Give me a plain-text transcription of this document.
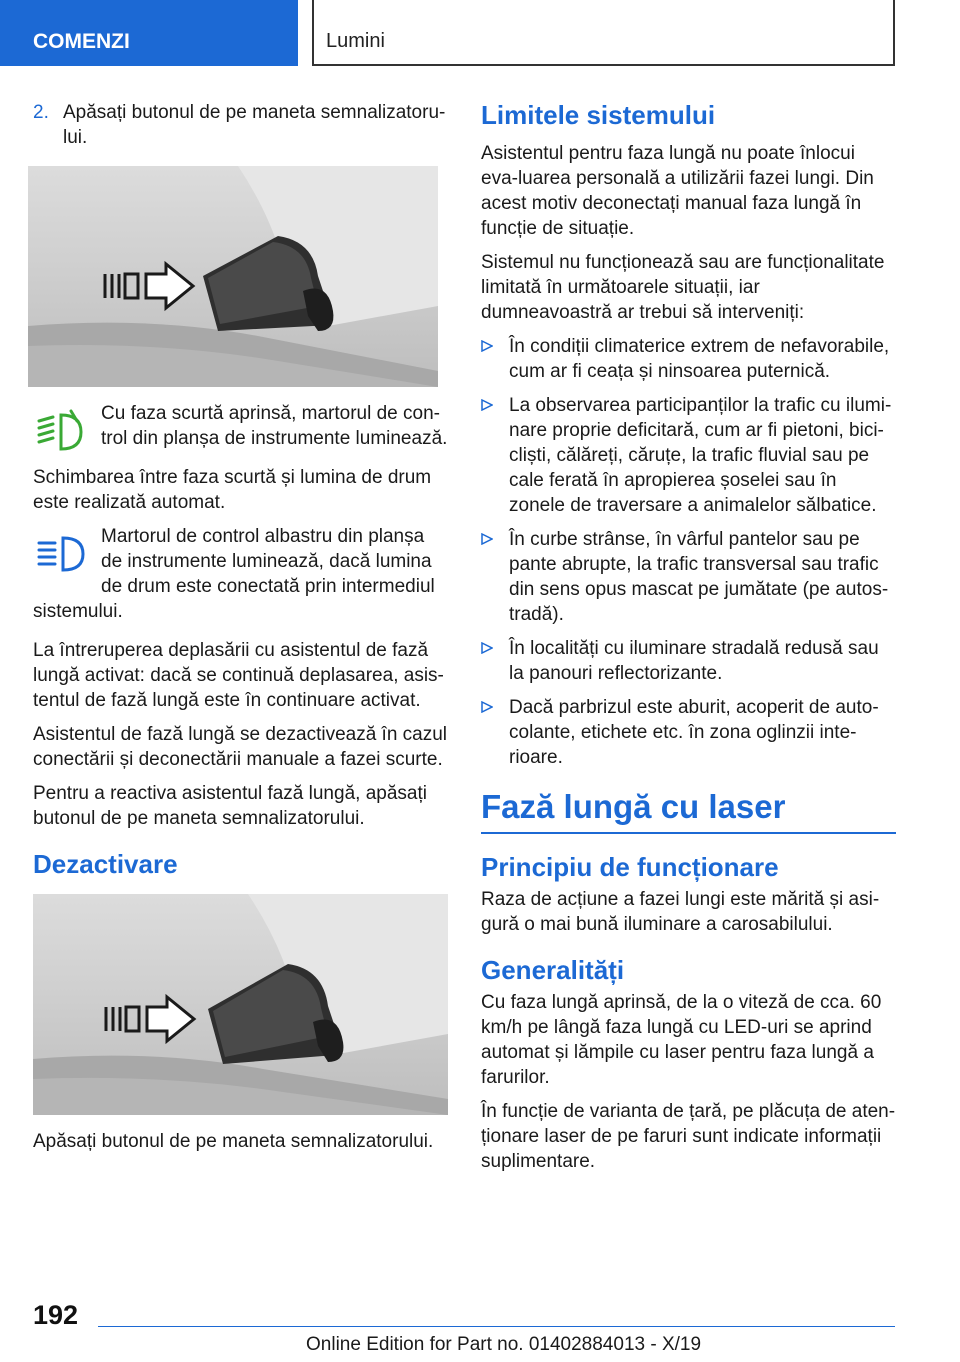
COMENZI	Lumini
2. Apăsați butonul de pe maneta semnalizatoru-lui.
Cu faza scurtă aprinsă, martorul de con-trol din planșa de instrumente luminează.

Schimbarea între faza scurtă și lumina de drum este realizată automat.

Martorul de control albastru din planșa de instrumente luminează, dacă lumina de drum este conectată prin intermediul sistemului.

La întreruperea deplasării cu asistentul de fază lungă activat: dacă se continuă deplasarea, asis-tentul de fază lungă este în continuare activat.

Asistentul de fază lungă se dezactivează în cazul conectării și deconectării manuale a fazei scurte.

Pentru a reactiva asistentul fază lungă, apăsați butonul de pe maneta semnalizatorului.

Dezactivare

Apăsați butonul de pe maneta semnalizatorului.

Limitele sistemului

Asistentul pentru faza lungă nu poate înlocui eva-luarea personală a utilizării fazei lungi. Din acest motiv deconectați manual faza lungă în funcție de situație.

Sistemul nu funcționează sau are funcționalitate limitată în următoarele situații, iar dumneavoastră ar trebui să interveniți:

În condiții climaterice extrem de nefavorabile, cum ar fi ceața și ninsoarea puternică.
La observarea participanților la trafic cu ilumi-nare proprie deficitară, cum ar fi pietoni, bici-cliști, călăreți, căruțe, la trafic fluvial sau pe cale ferată în apropierea șoselei sau în zonele de traversare a animalelor sălbatice.
În curbe strânse, în vârful pantelor sau pe pante abrupte, la trafic transversal sau trafic din sens opus mascat pe jumătate (pe autos-tradă).
În localități cu iluminare stradală redusă sau la panouri reflectorizante.
Dacă parbrizul este aburit, acoperit de auto-colante, etichete etc. în zona oglinzii inte-rioare.
Fază lungă cu laser
Principiu de funcționare

Raza de acțiune a fazei lungi este mărită și asi-gură o mai bună iluminare a carosabilului.

Generalități

Cu faza lungă aprinsă, de la o viteză de cca. 60 km/h pe lângă faza lungă cu LED-uri se aprind automat și lămpile cu laser pentru faza lungă a farurilor.

În funcție de varianta de țară, pe plăcuța de aten-ționare laser de pe faruri sunt indicate informații suplimentare.

192
Online Edition for Part no. 01402884013 - X/19
